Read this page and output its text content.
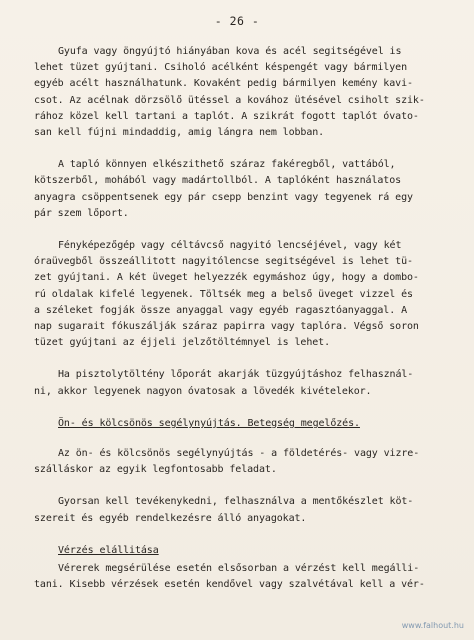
- 26 -
Gyufa vagy öngyújtó hiányában kova és acél segitségével is
lehet tüzet gyújtani. Csiholó acélként késpengét vagy bármilyen
egyéb acélt használhatunk. Kovaként pedig bármilyen kemény kavi-
csot. Az acélnak dörzsölő ütéssel a kovához ütésével csiholt szik-
rához közel kell tartani a taplót. A szikrát fogott taplót óvato-
san kell fújni mindaddig, amig lángra nem lobban.
A tapló könnyen elkészithető száraz fakéregből, vattából,
kötszerből, mohából vagy madártollból. A taplóként használatos
anyagra csöppentsenek egy pár csepp benzint vagy tegyenek rá egy
pár szem lőport.
Fényképezőgép vagy céltávcső nagyitó lencséjével, vagy két
óraüvegből összeállitott nagyitólencse segitségével is lehet tü-
zet gyújtani. A két üveget helyezzék egymáshoz úgy, hogy a dombo-
rú oldalak kifelé legyenek. Töltsék meg a belső üveget vizzel és
a széleket fogják össze anyaggal vagy egyéb ragasztóanyaggal. A
nap sugarait fókuszálják száraz papirra vagy taplóra. Végső soron
tüzet gyújtani az éjjeli jelzőtöltémnyel is lehet.
Ha pisztolytöltény lőporát akarják tüzgyújtáshoz felhasznál-
ni, akkor legyenek nagyon óvatosak a lövedék kivételekor.
Ön- és kölcsönös segélynyújtás. Betegség megelőzés.
Az ön- és kölcsönös segélynyújtás - a földetérés- vagy vizre-
szálláskor az egyik legfontosabb feladat.
Gyorsan kell tevékenykedni, felhasználva a mentőkészlet köt-
szereit és egyéb rendelkezésre álló anyagokat.
Vérzés elállitása
Vérerek megsérülése esetén elsősorban a vérzést kell megálli-
tani. Kisebb vérzések esetén kendővel vagy szalvétával kell a vér-
www.falhout.hu
